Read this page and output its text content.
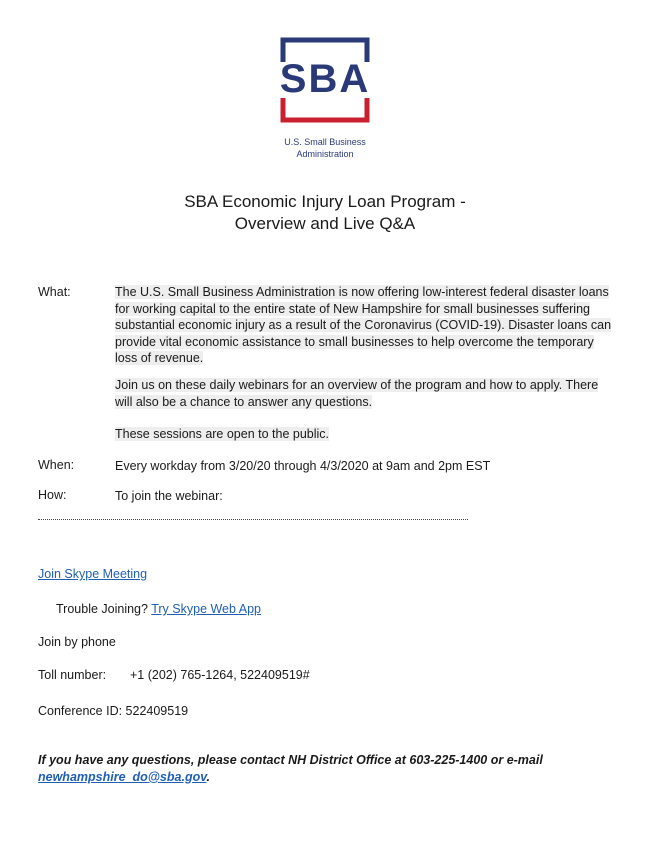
SBA
U.S. Small Business
Administration
SBA Economic Injury Loan Program -
Overview and Live Q&A
What:	The U.S. Small Business Administration is now offering low-interest federal disaster loans for working capital to the entire state of New Hampshire for small businesses suffering substantial economic injury as a result of the Coronavirus (COVID-19). Disaster loans can provide vital economic assistance to small businesses to help overcome the temporary loss of revenue.
Join us on these daily webinars for an overview of the program and how to apply. There will also be a chance to answer any questions.
These sessions are open to the public.
When:	Every workday from 3/20/20 through 4/3/2020 at 9am and 2pm EST
How:	To join the webinar:
Join Skype Meeting
Trouble Joining? Try Skype Web App
Join by phone
Toll number: +1 (202) 765-1264, 522409519#
Conference ID: 522409519
If you have any questions, please contact NH District Office at 603-225-1400 or e-mail
newhampshire_do@sba.gov.
